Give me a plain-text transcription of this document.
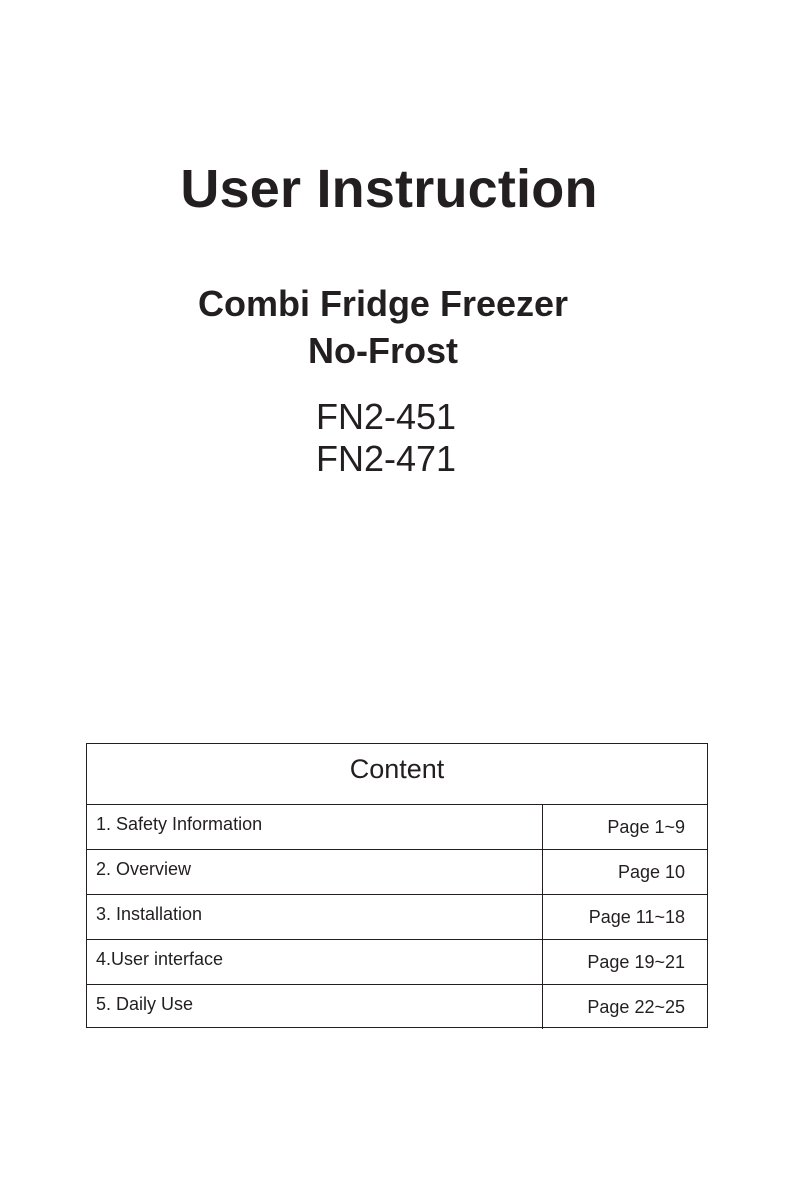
User Instruction
Combi Fridge Freezer
No-Frost
FN2-451
FN2-471
Content
1. Safety Information	Page 1~9
2. Overview	Page 10
3. Installation	Page 11~18
4.User interface	Page 19~21
5. Daily Use	Page 22~25
